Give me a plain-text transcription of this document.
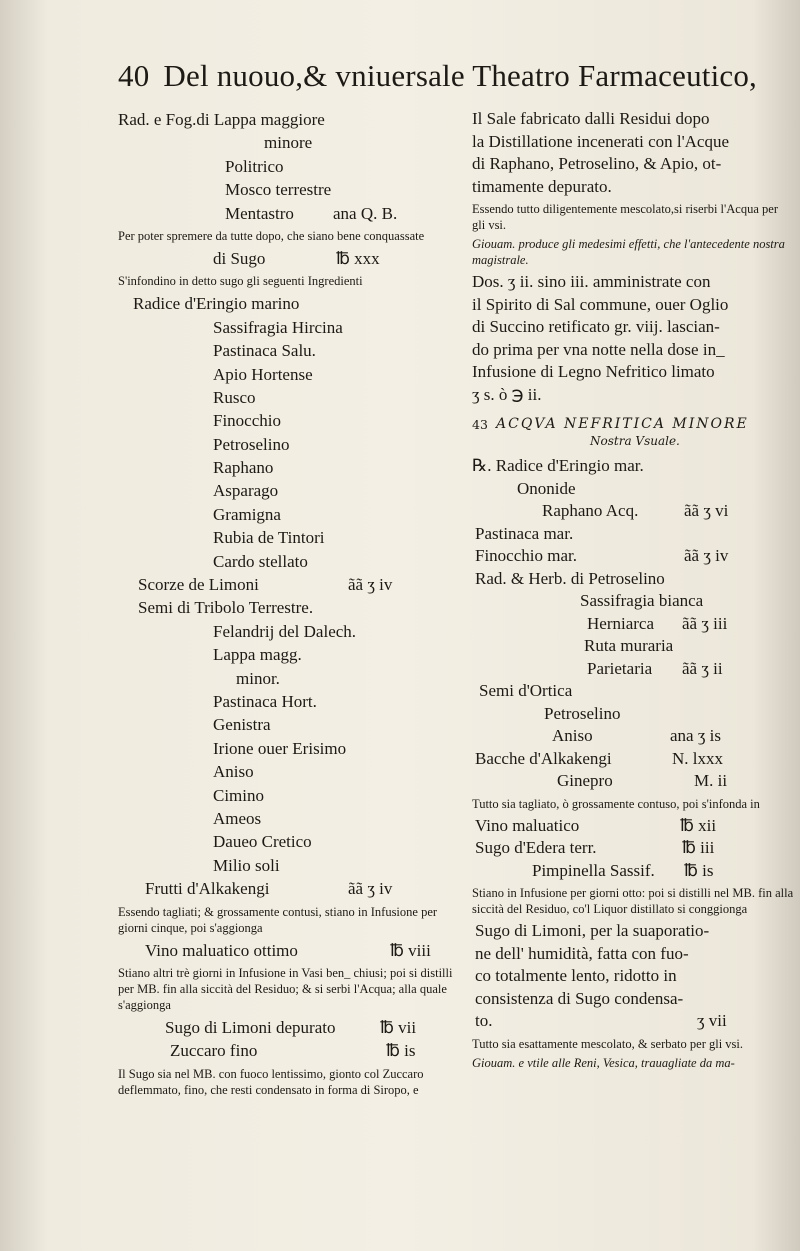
40 Del nuouo,& vniuersale Theatro Farmaceutico,
Rad. e Fog.di Lappa maggiore
minore
Politrico
Mosco terrestre
Mentastro ana Q. B.
Per poter spremere da tutte dopo, che siano bene conquassate
di Sugo	℔ xxx
S'infondino in detto sugo gli seguenti Ingredienti
Radice d'Eringio marino
Sassifragia Hircina
Pastinaca Salu.
Apio Hortense
Rusco
Finocchio
Petroselino
Raphano
Asparago
Gramigna
Rubia de Tintori
Cardo stellato
Scorze de Limoni	ãã ʒ iv
Semi di Tribolo Terrestre.
Felandrij del Dalech.
Lappa magg.
minor.
Pastinaca Hort.
Genistra
Irione ouer Erisimo
Aniso
Cimino
Ameos
Daueo Cretico
Milio soli
Frutti d'Alkakengi	ãã ʒ iv
Essendo tagliati; & grossamente contusi, stiano in Infusione per giorni cinque, poi s'aggionga
Vino maluatico ottimo	℔ viii
Stiano altri trè giorni in Infusione in Vasi ben_ chiusi; poi si distilli per MB. fin alla siccità del Residuo; & si serbi l'Acqua; alla quale s'aggionga
Sugo di Limoni depurato	℔ vii
Zuccaro fino	℔ is
Il Sugo sia nel MB. con fuoco lentissimo, gionto col Zuccaro deflemmato, fino, che resti condensato in forma di Siropo, e
Il Sale fabricato dalli Residui dopo
la Distillatione incenerati con l'Acque
di Raphano, Petroselino, & Apio, ot-
timamente depurato.
Essendo tutto diligentemente mescolato,si riserbi l'Acqua per gli vsi.
Giouam. produce gli medesimi effetti, che l'antecedente nostra magistrale.
Dos. ʒ ii. sino iii. amministrate con
il Spirito di Sal commune, ouer Oglio
di Succino retificato gr. viij. lascian-
do prima per vna notte nella dose in_
Infusione di Legno Nefritico limato
ʒ s. ò ℈ ii.
43 ACQVA NEFRITICA MINORE
Nostra Vsuale.
℞. Radice d'Eringio mar.
Ononide
Raphano Acq.	ãã ʒ vi
Pastinaca mar.
Finocchio mar.	ãã ʒ iv
Rad. & Herb. di Petroselino
Sassifragia bianca
Herniarca ãã ʒ iii
Ruta muraria
Parietaria ãã ʒ ii
Semi d'Ortica
Petroselino
Aniso	ana ʒ is
Bacche d'Alkakengi	N. lxxx
Ginepro	M. ii
Tutto sia tagliato, ò grossamente contuso, poi s'infonda in
Vino maluatico	℔ xii
Sugo d'Edera terr.	℔ iii
Pimpinella Sassif. ℔ is
Stiano in Infusione per giorni otto: poi si distilli nel MB. fin alla siccità del Residuo, co'l Liquor distillato si conggionga
Sugo di Limoni, per la suaporatio-
ne dell' humidità, fatta con fuo-
co totalmente lento, ridotto in
consistenza di Sugo condensa-
to.	ʒ vii
Tutto sia esattamente mescolato, & serbato per gli vsi.
Giouam. e vtile alle Reni, Vesica, trauagliate da ma-
